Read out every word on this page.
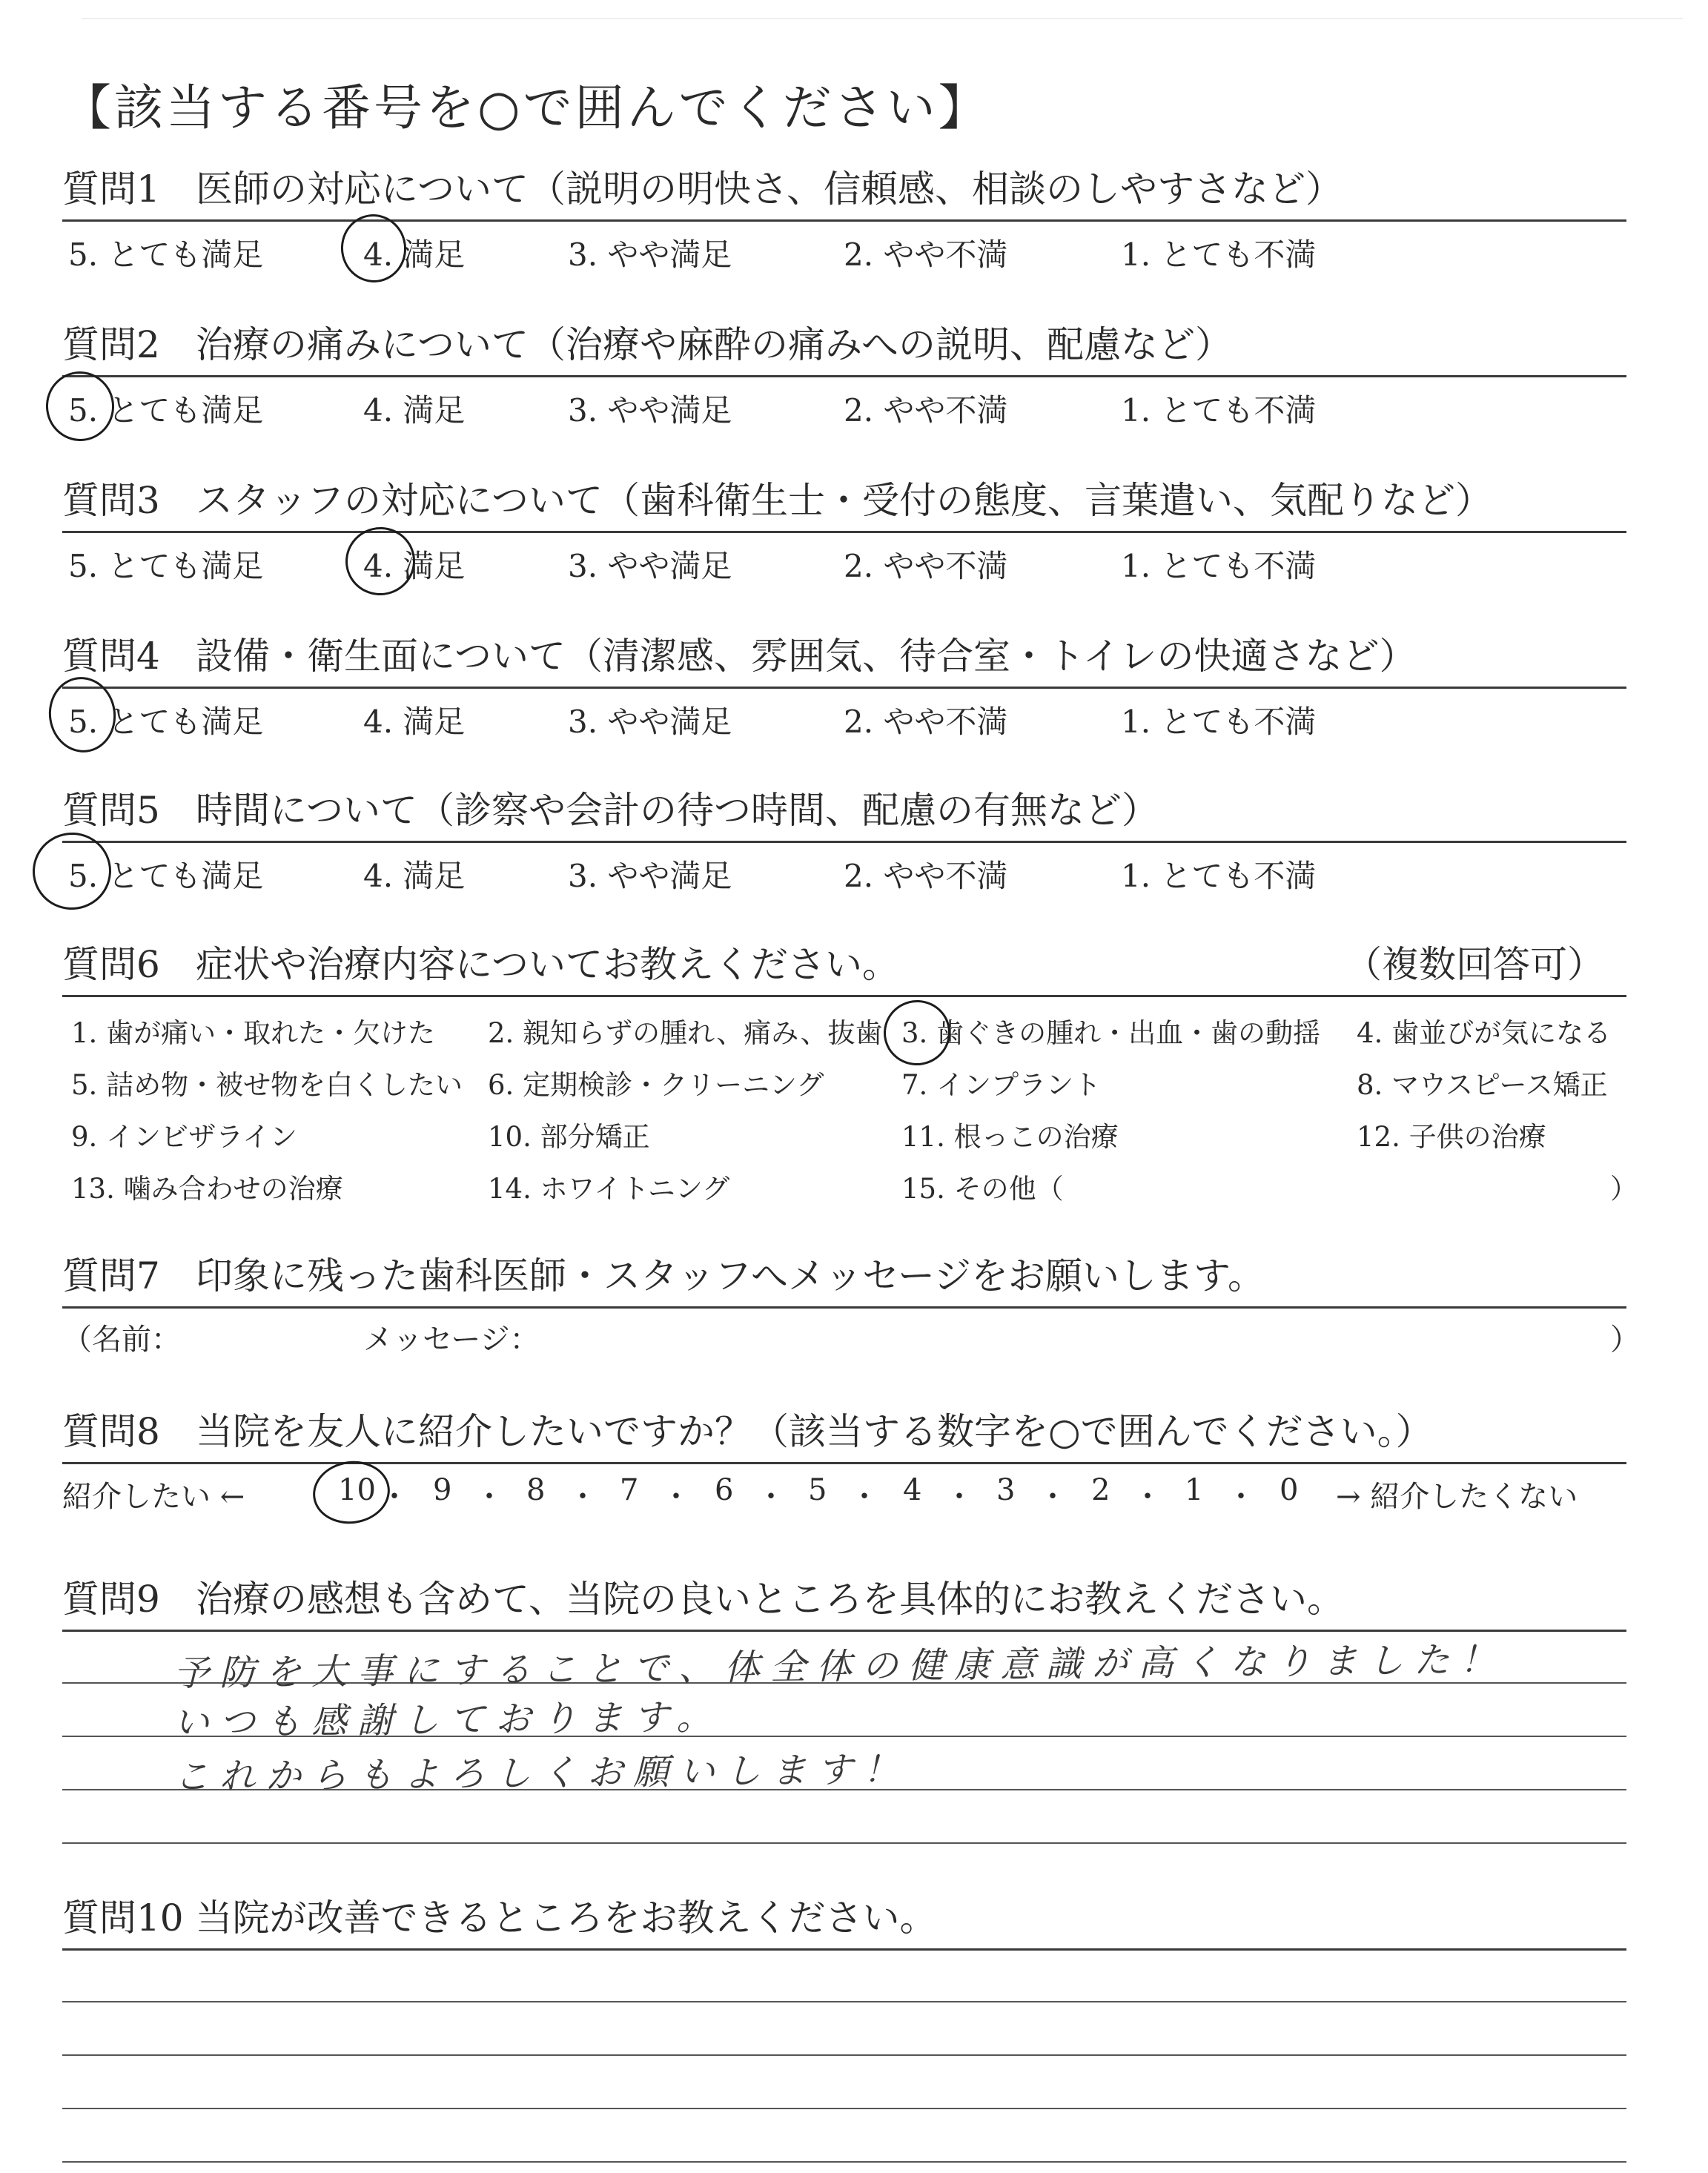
【該当する番号を○で囲んでください】
質問1 医師の対応について（説明の明快さ、信頼感、相談のしやすさなど）
5. とても満足	4. 満足	3. やや満足	2. やや不満	1. とても不満
質問2 治療の痛みについて（治療や麻酔の痛みへの説明、配慮など）
5. とても満足	4. 満足	3. やや満足	2. やや不満	1. とても不満
質問3 スタッフの対応について（歯科衛生士・受付の態度、言葉遣い、気配りなど）
5. とても満足	4. 満足	3. やや満足	2. やや不満	1. とても不満
質問4 設備・衛生面について（清潔感、雰囲気、待合室・トイレの快適さなど）
5. とても満足	4. 満足	3. やや満足	2. やや不満	1. とても不満
質問5 時間について（診察や会計の待つ時間、配慮の有無など）
5. とても満足	4. 満足	3. やや満足	2. やや不満	1. とても不満
質問6 症状や治療内容についてお教えください。	（複数回答可）
1. 歯が痛い・取れた・欠けた 2. 親知らずの腫れ、痛み、抜歯 3. 歯ぐきの腫れ・出血・歯の動揺 4. 歯並びが気になる
5. 詰め物・被せ物を白くしたい 6. 定期検診・クリーニング	7. インプラント	8. マウスピース矯正
9. インビザライン	10. 部分矯正	11. 根っこの治療	12. 子供の治療
13. 噛み合わせの治療	14. ホワイトニング	15. その他（	）
質問7 印象に残った歯科医師・スタッフへメッセージをお願いします。
（名前：	メッセージ：	）
質問8 当院を友人に紹介したいですか？（該当する数字を○で囲んでください。）
紹介したい ←	10 ・ 9 ・ 8 ・ 7 ・ 6 ・ 5 ・ 4 ・ 3 ・ 2 ・ 1 ・ 0 → 紹介したくない
質問9 治療の感想も含めて、当院の良いところを具体的にお教えください。
予防を大事にすることで、体全体の健康意識が高くなりました！
いつも感謝しております。
これからもよろしくお願いします！
質問10 当院が改善できるところをお教えください。
